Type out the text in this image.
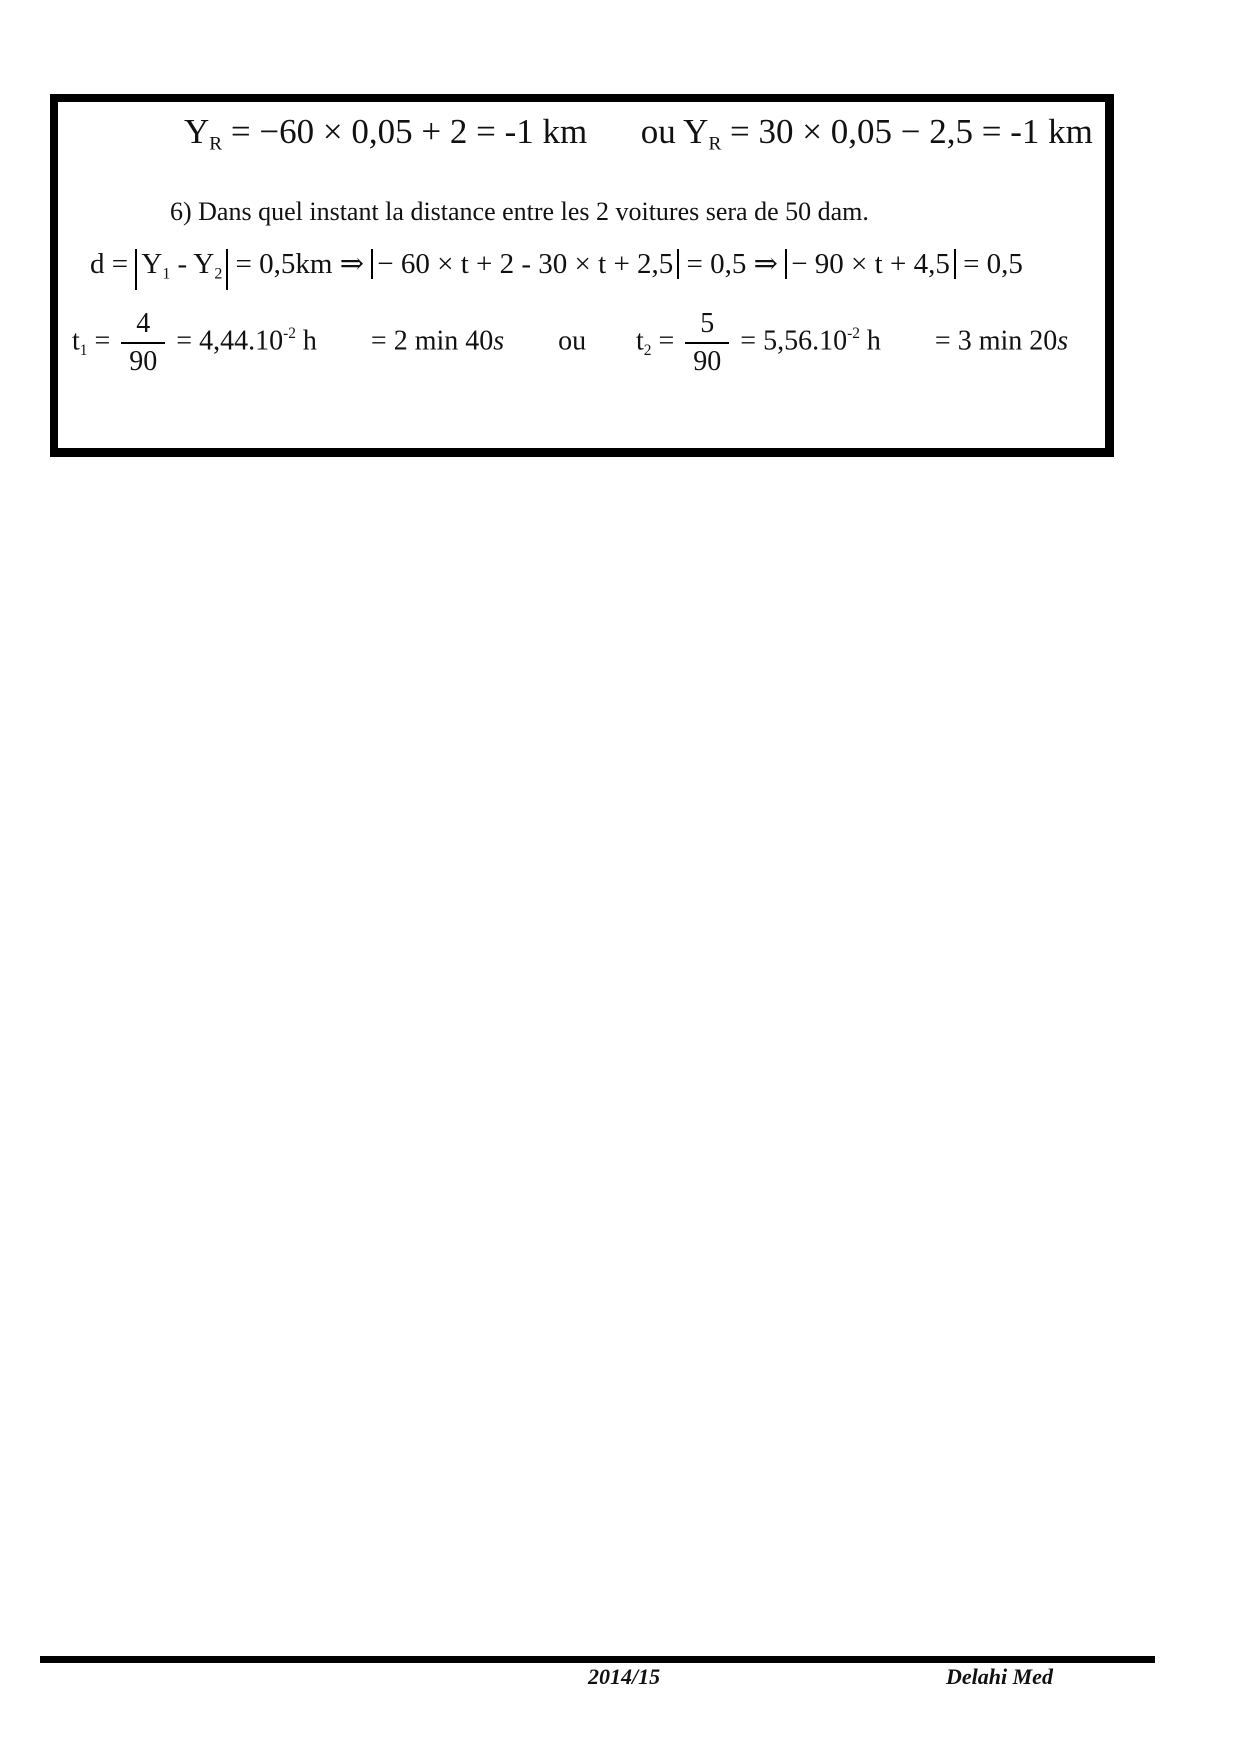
$Y_R = -60 \times 0,05 + 2 = -1$ km ou $Y_R = 30 \times 0,05 - 2,5 = -1$ km
6) Dans quel instant la distance entre les 2 voitures sera de 50 dam.
$d = Y_1 - Y_2 = 0,5km$ ⇒ − 60 × t + 2 - 30 × t + 2,5 = 0,5 ⇒ − 90 × t + 4,5 = 0,5
$t_1 = \frac{4}{90} = 4,44.10^{-2}$ h = 2 min 40s ou $t_2 = \frac{5}{90} = 5,56.10^{-2}$ h = 3 min 20s
2014/15	Delahi Med
